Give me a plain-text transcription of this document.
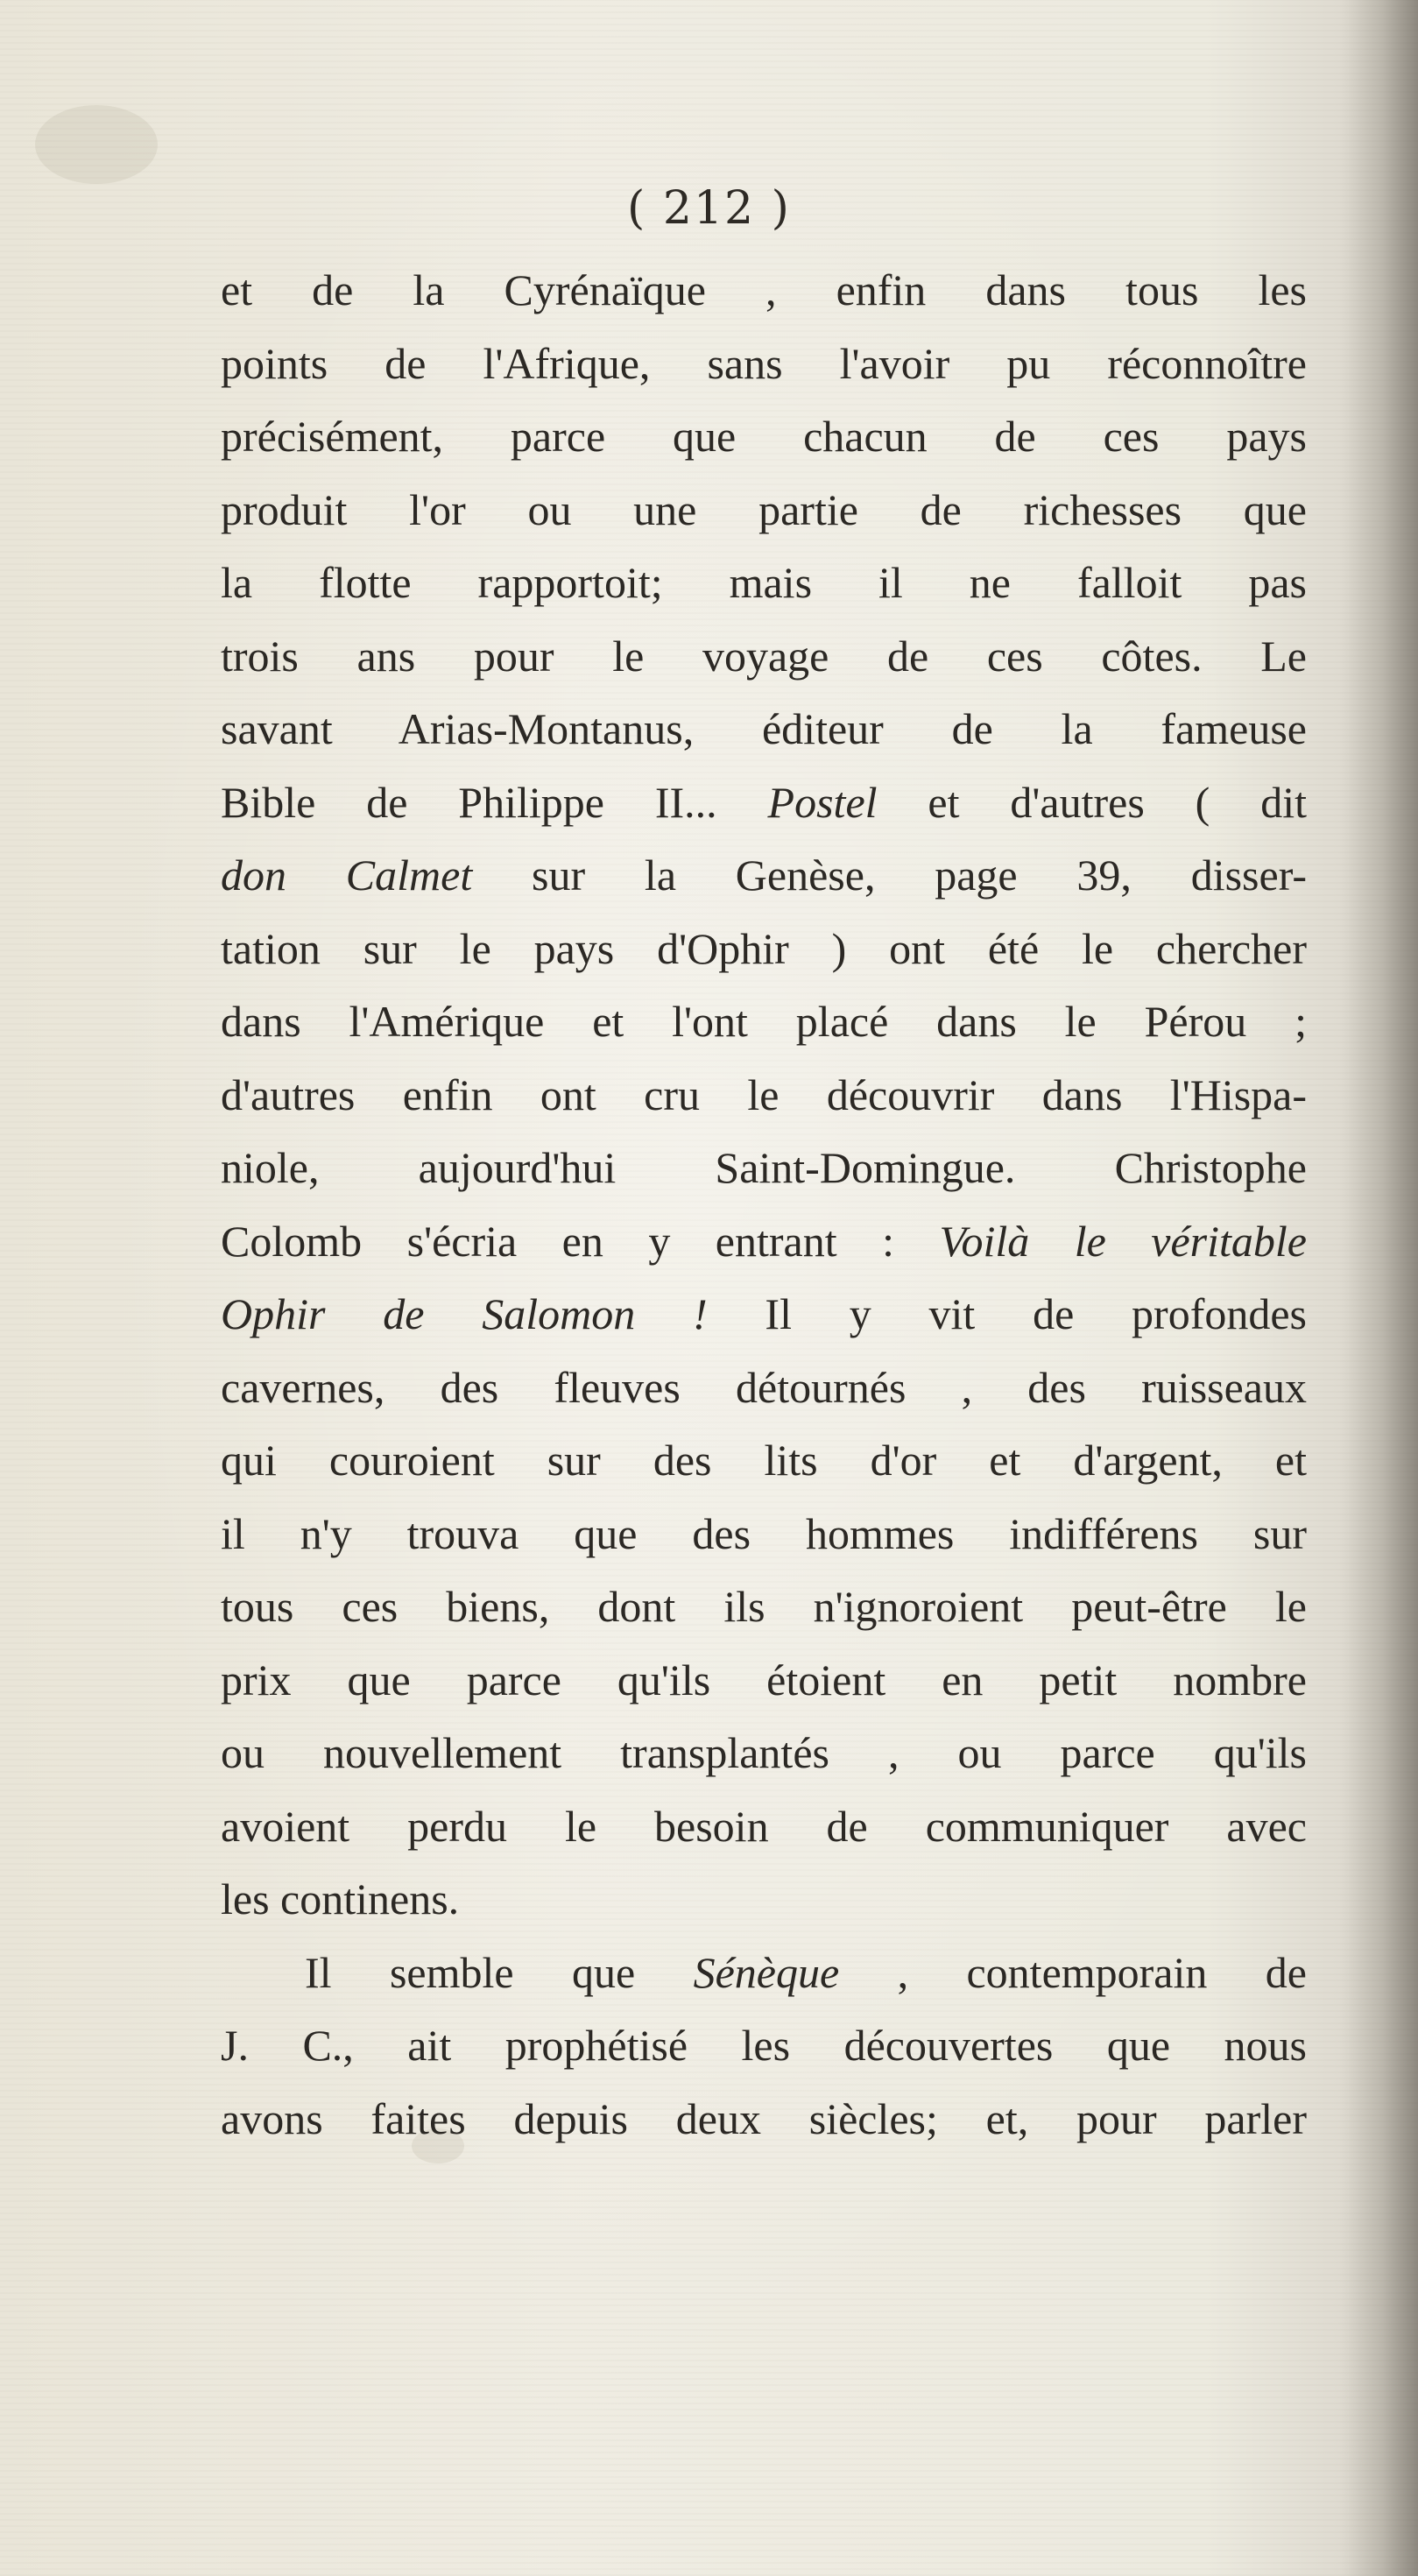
( 212 )
et de la Cyrénaïque , enfin dans tous les
points de l'Afrique, sans l'avoir pu réconnoître
précisément, parce que chacun de ces pays
produit l'or ou une partie de richesses que
la flotte rapportoit; mais il ne falloit pas
trois ans pour le voyage de ces côtes. Le
savant Arias-Montanus, éditeur de la fameuse
Bible de Philippe II... Postel et d'autres ( dit
don Calmet sur la Genèse, page 39, disser-
tation sur le pays d'Ophir ) ont été le chercher
dans l'Amérique et l'ont placé dans le Pérou ;
d'autres enfin ont cru le découvrir dans l'Hispa-
niole, aujourd'hui Saint-Domingue. Christophe
Colomb s'écria en y entrant : Voilà le véritable
Ophir de Salomon ! Il y vit de profondes
cavernes, des fleuves détournés , des ruisseaux
qui couroient sur des lits d'or et d'argent, et
il n'y trouva que des hommes indifférens sur
tous ces biens, dont ils n'ignoroient peut-être le
prix que parce qu'ils étoient en petit nombre
ou nouvellement transplantés , ou parce qu'ils
avoient perdu le besoin de communiquer avec
les continens.
Il semble que Sénèque , contemporain de
J. C., ait prophétisé les découvertes que nous
avons faites depuis deux siècles; et, pour parler
